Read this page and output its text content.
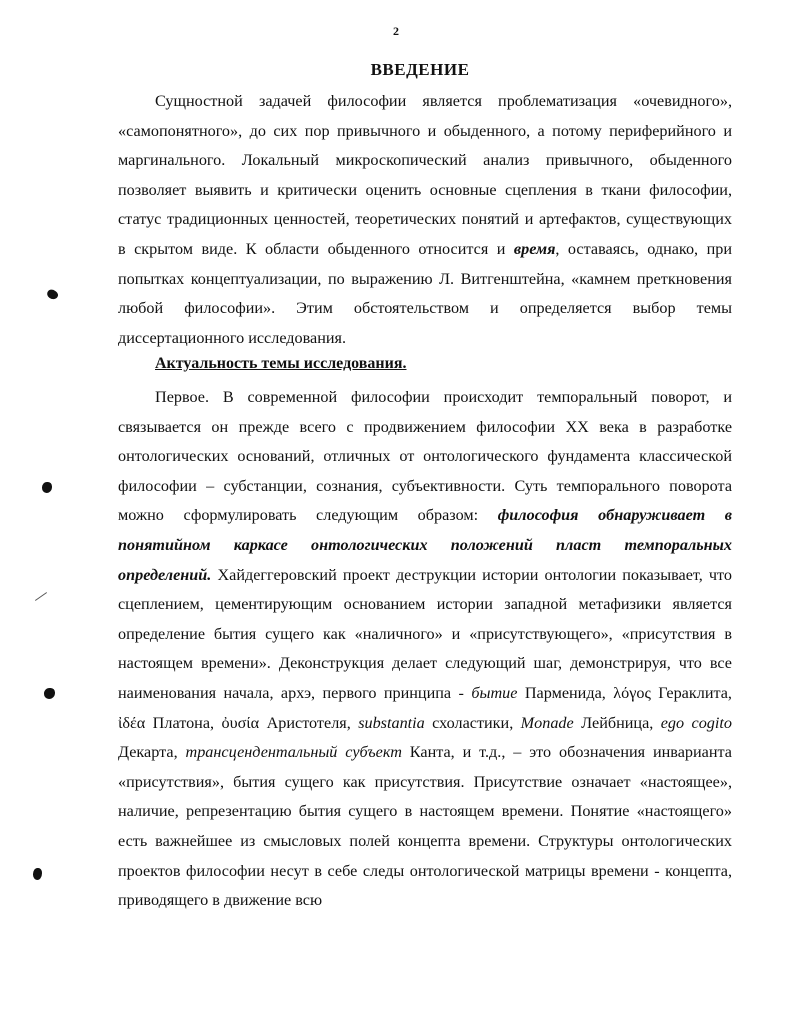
2
ВВЕДЕНИЕ
Сущностной задачей философии является проблематизация «очевидного», «самопонятного», до сих пор привычного и обыденного, а потому периферийного и маргинального. Локальный микроскопический анализ привычного, обыденного позволяет выявить и критически оценить основные сцепления в ткани философии, статус традиционных ценностей, теоретических понятий и артефактов, существующих в скрытом виде. К области обыденного относится и время, оставаясь, однако, при попытках концептуализации, по выражению Л. Витгенштейна, «камнем преткновения любой философии». Этим обстоятельством и определяется выбор темы диссертационного исследования.
Актуальность темы исследования.
Первое. В современной философии происходит темпоральный поворот, и связывается он прежде всего с продвижением философии XX века в разработке онтологических оснований, отличных от онтологического фундамента классической философии – субстанции, сознания, субъективности. Суть темпорального поворота можно сформулировать следующим образом: философия обнаруживает в понятийном каркасе онтологических положений пласт темпоральных определений. Хайдеггеровский проект деструкции истории онтологии показывает, что сцеплением, цементирующим основанием истории западной метафизики является определение бытия сущего как «наличного» и «присутствующего», «присутствия в настоящем времени». Деконструкция делает следующий шаг, демонстрируя, что все наименования начала, архэ, первого принципа - бытие Парменида, λόγος Гераклита, ἰδέα Платона, ὀυσία Аристотеля, substantia схоластики, Monade Лейбница, ego cogito Декарта, трансцендентальный субъект Канта, и т.д., – это обозначения инварианта «присутствия», бытия сущего как присутствия. Присутствие означает «настоящее», наличие, репрезентацию бытия сущего в настоящем времени. Понятие «настоящего» есть важнейшее из смысловых полей концепта времени. Структуры онтологических проектов философии несут в себе следы онтологической матрицы времени - концепта, приводящего в движение всю
